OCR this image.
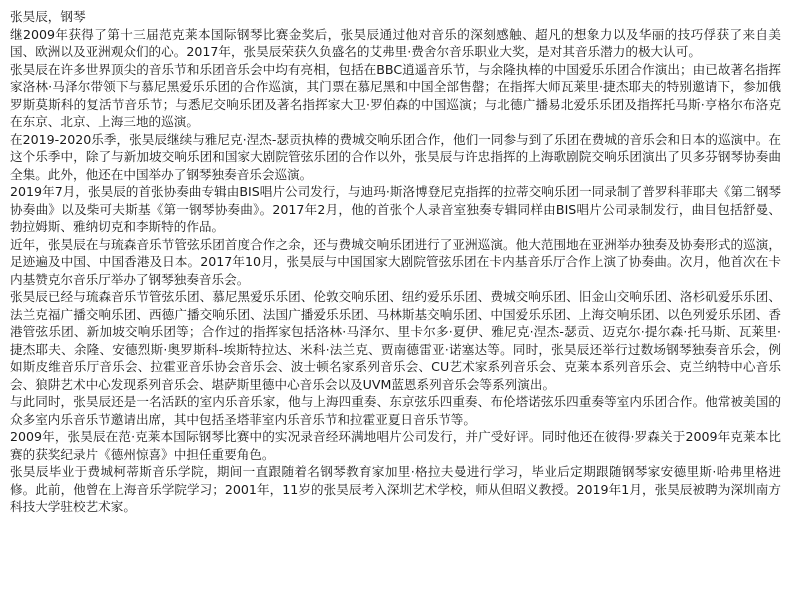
张昊辰，钢琴

继2009年获得了第十三届范克莱本国际钢琴比赛金奖后，张昊辰通过他对音乐的深刻感触、超凡的想象力以及华丽的技巧俘获了来自美国、欧洲以及亚洲观众们的心。2017年，张昊辰荣获久负盛名的艾弗里·费舍尔音乐职业大奖，是对其音乐潜力的极大认可。

张昊辰在许多世界顶尖的音乐节和乐团音乐会中均有亮相，包括在BBC逍遥音乐节，与余隆执棒的中国爱乐乐团合作演出；由已故著名指挥家洛林·马泽尔带领下与慕尼黑爱乐乐团的合作巡演，其门票在慕尼黑和中国全部售罄；在指挥大师瓦莱里·捷杰耶夫的特别邀请下，参加俄罗斯莫斯科的复活节音乐节；与悉尼交响乐团及著名指挥家大卫·罗伯森的中国巡演；与北德广播易北爱乐乐团及指挥托马斯·亨格尔布洛克在东京、北京、上海三地的巡演。

在2019-2020乐季，张昊辰继续与雅尼克·涅杰-瑟贡执棒的费城交响乐团合作，他们一同参与到了乐团在费城的音乐会和日本的巡演中。在这个乐季中，除了与新加坡交响乐团和国家大剧院管弦乐团的合作以外，张昊辰与许忠指挥的上海歌剧院交响乐团演出了贝多芬钢琴协奏曲全集。此外，他还在中国举办了钢琴独奏音乐会巡演。

2019年7月，张昊辰的首张协奏曲专辑由BIS唱片公司发行，与迪玛·斯洛博登尼克指挥的拉蒂交响乐团一同录制了普罗科菲耶夫《第二钢琴协奏曲》以及柴可夫斯基《第一钢琴协奏曲》。2017年2月，他的首张个人录音室独奏专辑同样由BIS唱片公司录制发行，曲目包括舒曼、勃拉姆斯、雅纳切克和李斯特的作品。

近年，张昊辰在与琉森音乐节管弦乐团首度合作之余，还与费城交响乐团进行了亚洲巡演。他大范围地在亚洲举办独奏及协奏形式的巡演，足迹遍及中国、中国香港及日本。2017年10月，张昊辰与中国国家大剧院管弦乐团在卡内基音乐厅合作上演了协奏曲。次月，他首次在卡内基赞克尔音乐厅举办了钢琴独奏音乐会。

张昊辰已经与琉森音乐节管弦乐团、慕尼黑爱乐乐团、伦敦交响乐团、纽约爱乐乐团、费城交响乐团、旧金山交响乐团、洛杉矶爱乐乐团、法兰克福广播交响乐团、西德广播交响乐团、法国广播爱乐乐团、马林斯基交响乐团、中国爱乐乐团、上海交响乐团、以色列爱乐乐团、香港管弦乐团、新加坡交响乐团等；合作过的指挥家包括洛林·马泽尔、里卡尔多·夏伊、雅尼克·涅杰-瑟贡、迈克尔·提尔森·托马斯、瓦莱里·捷杰耶夫、余隆、安德烈斯·奥罗斯科-埃斯特拉达、米科·法兰克、贾南德雷亚·诺塞达等。同时，张昊辰还举行过数场钢琴独奏音乐会，例如斯皮维音乐厅音乐会、拉霍亚音乐协会音乐会、波士顿名家系列音乐会、CU艺术家系列音乐会、克莱本系列音乐会、克兰纳特中心音乐会、狼阱艺术中心发现系列音乐会、堪萨斯里德中心音乐会以及UVM蓝恩系列音乐会等系列演出。

与此同时，张昊辰还是一名活跃的室内乐音乐家，他与上海四重奏、东京弦乐四重奏、布伦塔诺弦乐四重奏等室内乐团合作。他常被美国的众多室内乐音乐节邀请出席，其中包括圣塔菲室内乐音乐节和拉霍亚夏日音乐节等。

2009年，张昊辰在范·克莱本国际钢琴比赛中的实况录音经环满地唱片公司发行，并广受好评。同时他还在彼得·罗森关于2009年克莱本比赛的获奖纪录片《德州惊喜》中担任重要角色。

张昊辰毕业于费城柯蒂斯音乐学院，期间一直跟随着名钢琴教育家加里·格拉夫曼进行学习，毕业后定期跟随钢琴家安德里斯·哈弗里格进修。此前，他曾在上海音乐学院学习；2001年，11岁的张昊辰考入深圳艺术学校，师从但昭义教授。2019年1月，张昊辰被聘为深圳南方科技大学驻校艺术家。
